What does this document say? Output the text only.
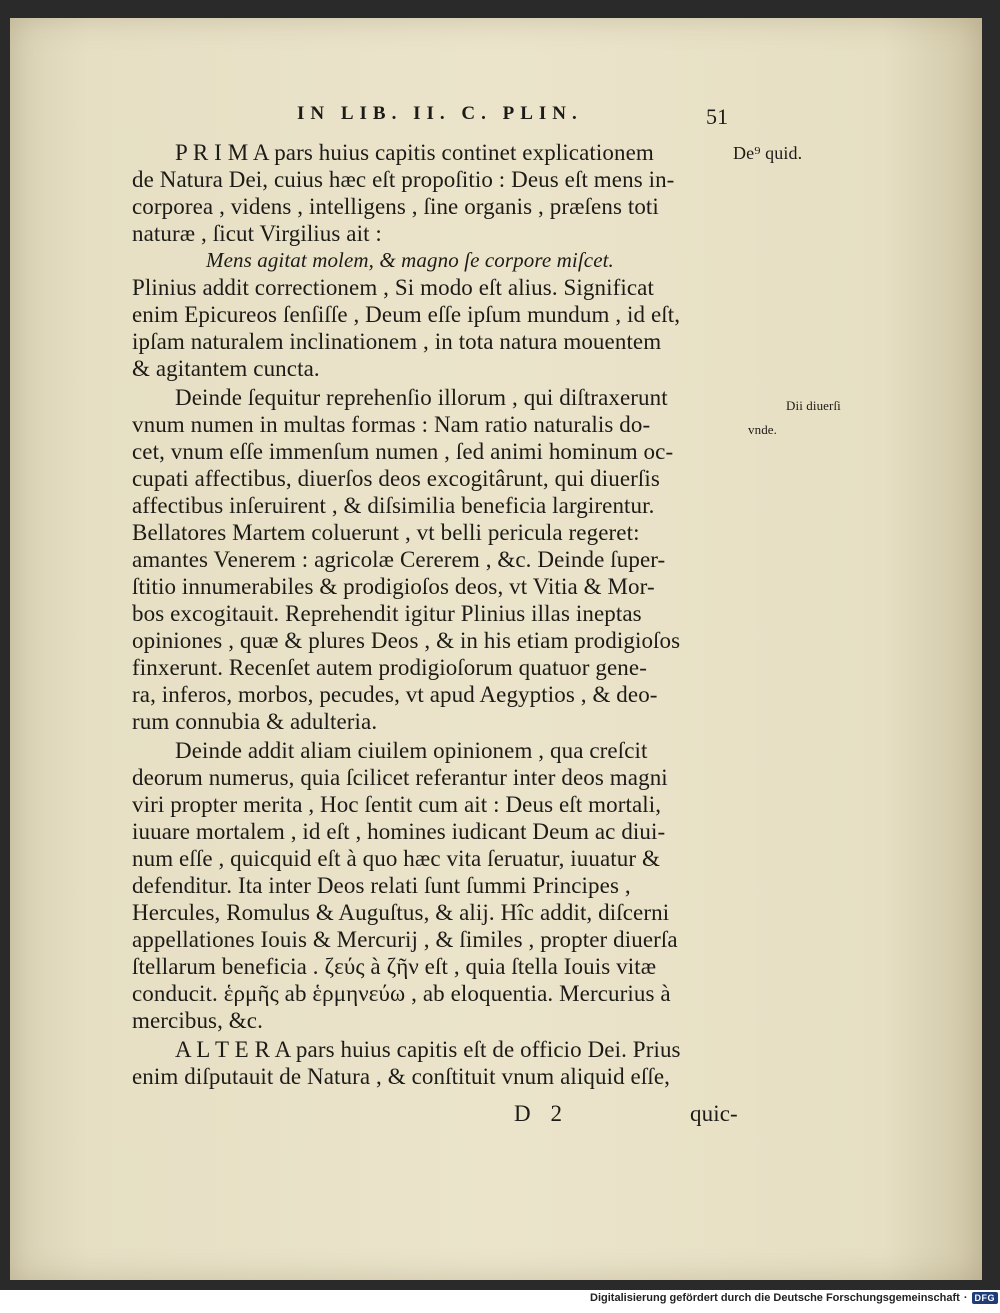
IN LIB. II. C. PLIN.	51
De⁹ quid.
Dii diuerſi
vnde.
P R I M A pars huius capitis continet explicationem
de Natura Dei, cuius hæc eſt propoſitio : Deus eſt mens in-
corporea , videns , intelligens , ſine organis , præſens toti
naturæ , ſicut Virgilius ait :
Mens agitat molem, & magno ſe corpore miſcet.
Plinius addit correctionem , Si modo eſt alius. Significat
enim Epicureos ſenſiſſe , Deum eſſe ipſum mundum , id eſt,
ipſam naturalem inclinationem , in tota natura mouentem
& agitantem cuncta.
Deinde ſequitur reprehenſio illorum , qui diſtraxerunt
vnum numen in multas formas : Nam ratio naturalis do-
cet, vnum eſſe immenſum numen , ſed animi hominum oc-
cupati affectibus, diuerſos deos excogitârunt, qui diuerſis
affectibus inſeruirent , & diſsimilia beneficia largirentur.
Bellatores Martem coluerunt , vt belli pericula regeret:
amantes Venerem : agricolæ Cererem , &c. Deinde ſuper-
ſtitio innumerabiles & prodigioſos deos, vt Vitia & Mor-
bos excogitauit. Reprehendit igitur Plinius illas ineptas
opiniones , quæ & plures Deos , & in his etiam prodigioſos
finxerunt. Recenſet autem prodigioſorum quatuor gene-
ra, inferos, morbos, pecudes, vt apud Aegyptios , & deo-
rum connubia & adulteria.
Deinde addit aliam ciuilem opinionem , qua creſcit
deorum numerus, quia ſcilicet referantur inter deos magni
viri propter merita , Hoc ſentit cum ait : Deus eſt mortali,
iuuare mortalem , id eſt , homines iudicant Deum ac diui-
num eſſe , quicquid eſt à quo hæc vita ſeruatur, iuuatur &
defenditur. Ita inter Deos relati ſunt ſummi Principes ,
Hercules, Romulus & Auguſtus, & alij. Hîc addit, diſcerni
appellationes Iouis & Mercurij , & ſimiles , propter diuerſa
ſtellarum beneficia . ζεύς à ζῆν eſt , quia ſtella Iouis vitæ
conducit. ἑρμῆς ab ἑρμηνεύω , ab eloquentia. Mercurius à
mercibus, &c.
A L T E R A pars huius capitis eſt de officio Dei. Prius
enim diſputauit de Natura , & conſtituit vnum aliquid eſſe,
D 2	quic-
Digitalisierung gefördert durch die Deutsche Forschungsgemeinschaft · DFG
